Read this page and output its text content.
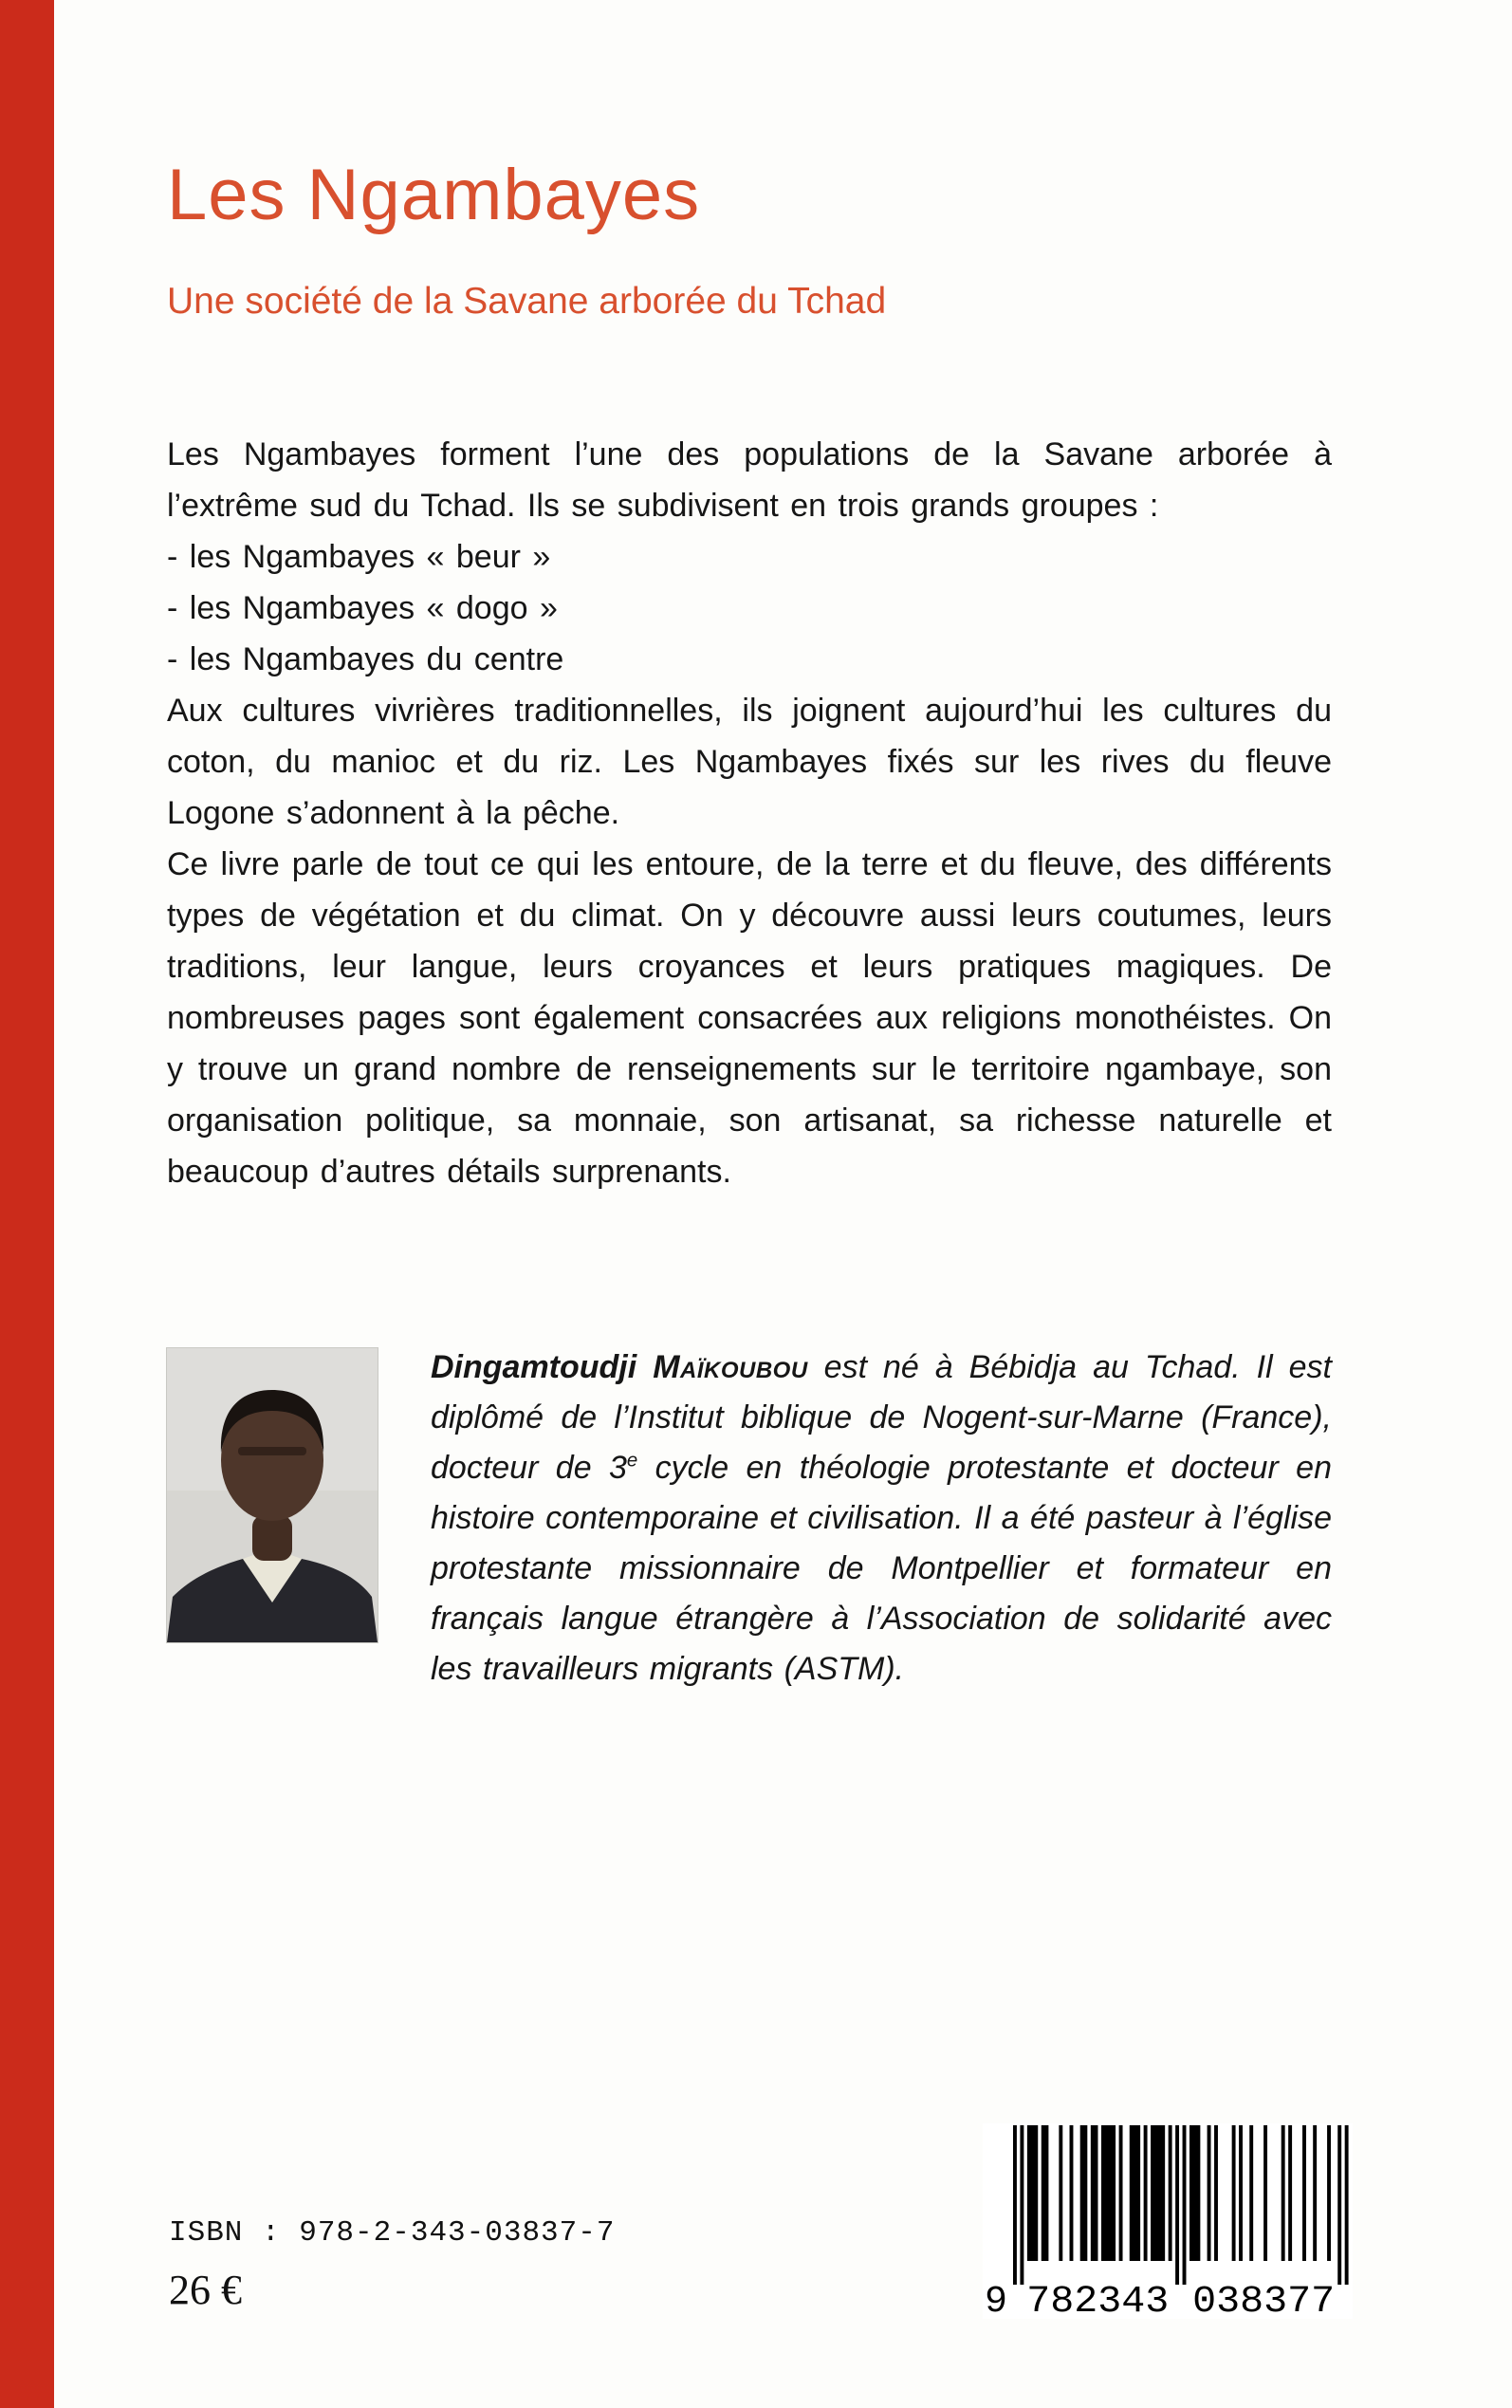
Les Ngambayes
Une société de la Savane arborée du Tchad

Les Ngambayes forment l’une des populations de la Savane arborée à l’extrême sud du Tchad. Ils se subdivisent en trois grands groupes :

- les Ngambayes « beur »

- les Ngambayes « dogo »

- les Ngambayes du centre

Aux cultures vivrières traditionnelles, ils joignent aujourd’hui les cultures du coton, du manioc et du riz. Les Ngambayes fixés sur les rives du fleuve Logone s’adonnent à la pêche.

Ce livre parle de tout ce qui les entoure, de la terre et du fleuve, des différents types de végétation et du climat. On y découvre aussi leurs coutumes, leurs traditions, leur langue, leurs croyances et leurs pratiques magiques. De nombreuses pages sont également consacrées aux religions monothéistes. On y trouve un grand nombre de renseignements sur le territoire ngambaye, son organisation politique, sa monnaie, son artisanat, sa richesse naturelle et beaucoup d’autres détails surprenants.

Dingamtoudji Maïkoubou est né à Bébidja au Tchad. Il est diplômé de l’Institut biblique de Nogent-sur-Marne (France), docteur de 3e cycle en théologie protestante et docteur en histoire contemporaine et civilisation. Il a été pasteur à l’église protestante missionnaire de Montpellier et formateur en français langue étrangère à l’Association de solidarité avec les travailleurs migrants (ASTM).

ISBN : 978-2-343-03837-7
26 €	9 782343 038377
